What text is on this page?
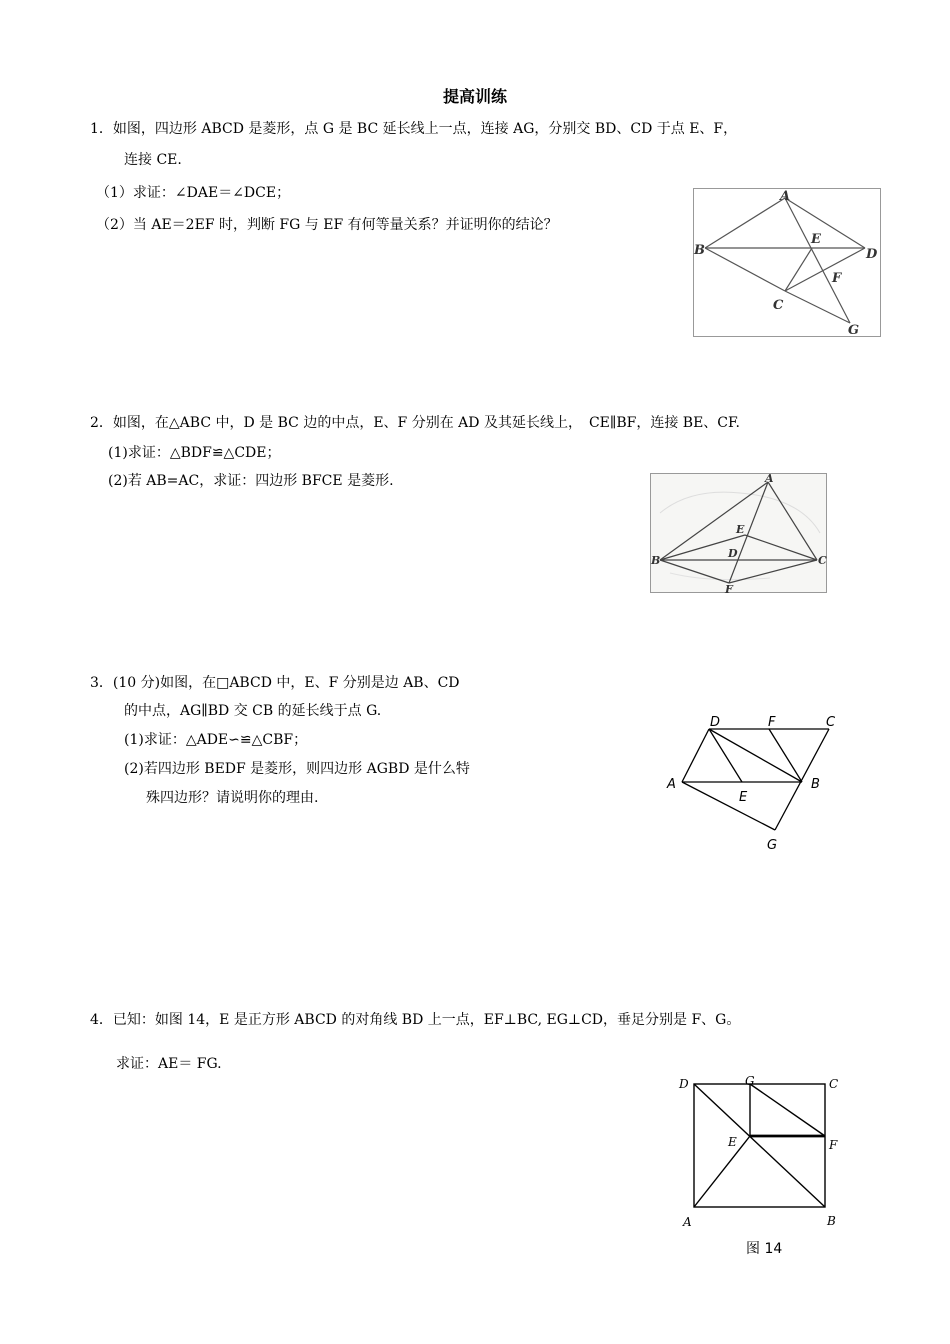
提高训练
1．如图，四边形 ABCD 是菱形，点 G 是 BC 延长线上一点，连接 AG，分别交 BD、CD 于点 E、F，
连接 CE.
（1）求证：∠DAE＝∠DCE；
（2）当 AE＝2EF 时，判断 FG 与 EF 有何等量关系？并证明你的结论？
A
B
C
D
E
F
G
2．如图，在△ABC 中，D 是 BC 边的中点，E、F 分别在 AD 及其延长线上，　CE∥BF，连接 BE、CF.
(1)求证：△BDF≌△CDE；
(2)若 AB=AC，求证：四边形 BFCE 是菱形.	A
B	C
D
E
F
3．(10 分)如图，在□ABCD 中，E、F 分别是边 AB、CD
的中点，AG∥BD 交 CB 的延长线于点 G.
(1)求证：△ADE∽≌△CBF；
(2)若四边形 BEDF 是菱形，则四边形 AGBD 是什么特
殊四边形？请说明你的理由.
D	F	C
A	B
E
G
4．已知：如图 14，E 是正方形 ABCD 的对角线 BD 上一点，EF⊥BC, EG⊥CD，垂足分别是 F、G。
求证：AE＝ FG.
D	G	C
E	F
A	B
图 14
